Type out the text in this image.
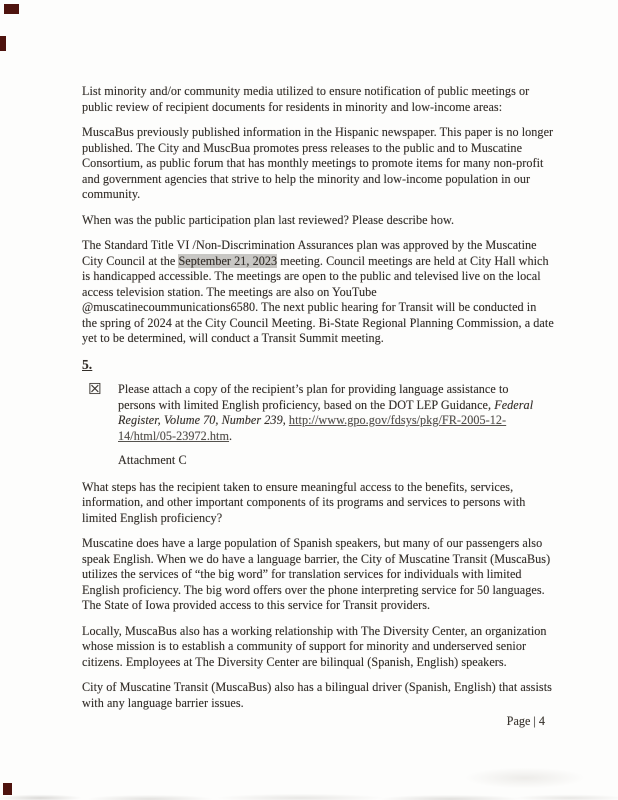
List minority and/or community media utilized to ensure notification of public meetings or public review of recipient documents for residents in minority and low-income areas:

MuscaBus previously published information in the Hispanic newspaper. This paper is no longer published. The City and MuscBua promotes press releases to the public and to Muscatine Consortium, as public forum that has monthly meetings to promote items for many non-profit and government agencies that strive to help the minority and low-income population in our community.

When was the public participation plan last reviewed? Please describe how.

The Standard Title VI /Non-Discrimination Assurances plan was approved by the Muscatine City Council at the September 21, 2023 meeting. Council meetings are held at City Hall which is handicapped accessible. The meetings are open to the public and televised live on the local access television station. The meetings are also on YouTube @muscatinecoummunications6580. The next public hearing for Transit will be conducted in the spring of 2024 at the City Council Meeting. Bi-State Regional Planning Commission, a date yet to be determined, will conduct a Transit Summit meeting.

5.
☒	Please attach a copy of the recipient’s plan for providing language assistance to persons with limited English proficiency, based on the DOT LEP Guidance, Federal Register, Volume 70, Number 239, http://www.gpo.gov/fdsys/pkg/FR-2005-12-14/html/05-23972.htm.

Attachment C

What steps has the recipient taken to ensure meaningful access to the benefits, services, information, and other important components of its programs and services to persons with limited English proficiency?

Muscatine does have a large population of Spanish speakers, but many of our passengers also speak English. When we do have a language barrier, the City of Muscatine Transit (MuscaBus) utilizes the services of “the big word” for translation services for individuals with limited English proficiency. The big word offers over the phone interpreting service for 50 languages. The State of Iowa provided access to this service for Transit providers.

Locally, MuscaBus also has a working relationship with The Diversity Center, an organization whose mission is to establish a community of support for minority and underserved senior citizens. Employees at The Diversity Center are bilinqual (Spanish, English) speakers.

City of Muscatine Transit (MuscaBus) also has a bilingual driver (Spanish, English) that assists with any language barrier issues.

Page | 4
